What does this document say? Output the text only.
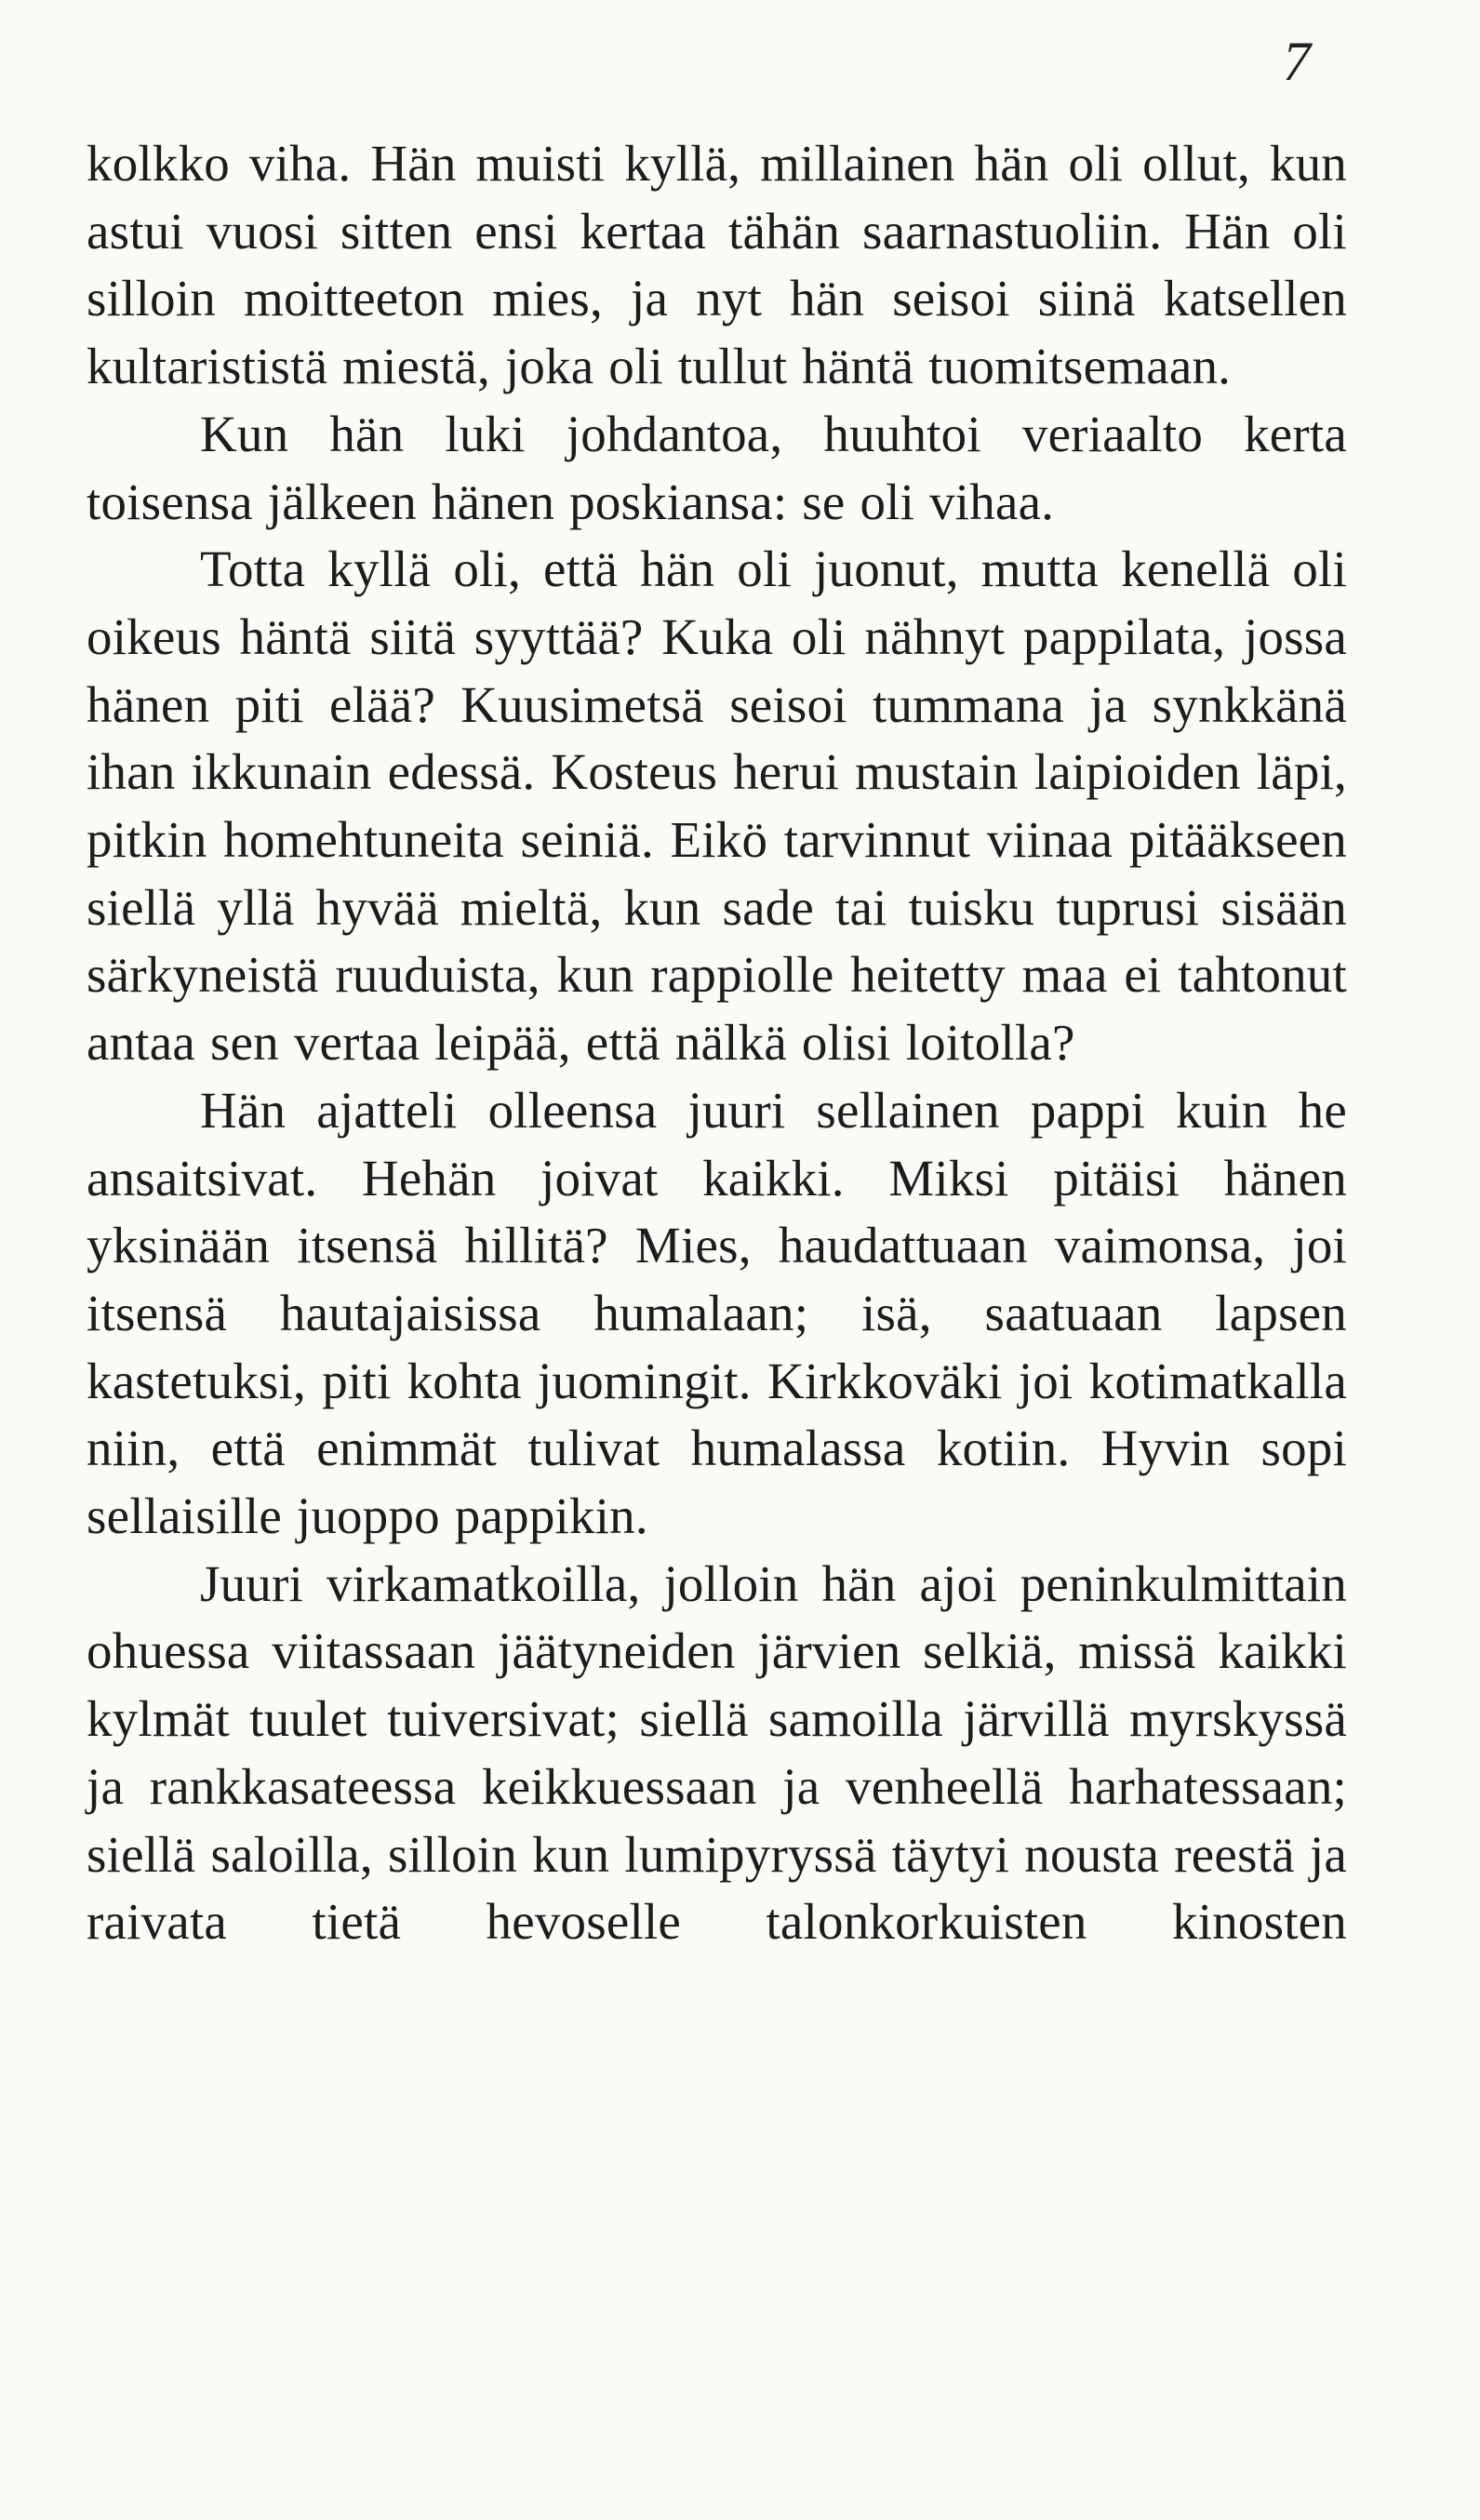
7

kolkko viha. Hän muisti kyllä, millainen hän oli ollut, kun astui vuosi sitten ensi kertaa tähän saarnastuoliin. Hän oli silloin moitteeton mies, ja nyt hän seisoi siinä katsellen kultarististä miestä, joka oli tullut häntä tuomitsemaan.

Kun hän luki johdantoa, huuhtoi veriaalto kerta toisensa jälkeen hänen poskiansa: se oli vihaa.

Totta kyllä oli, että hän oli juonut, mutta kenellä oli oikeus häntä siitä syyttää? Kuka oli nähnyt pappilata, jossa hänen piti elää? Kuusimetsä seisoi tummana ja synkkänä ihan ikkunain edessä. Kosteus herui mustain laipioiden läpi, pitkin homehtuneita seiniä. Eikö tarvinnut viinaa pitääkseen siellä yllä hyvää mieltä, kun sade tai tuisku tuprusi sisään särkyneistä ruuduista, kun rappiolle heitetty maa ei tahtonut antaa sen vertaa leipää, että nälkä olisi loitolla?

Hän ajatteli olleensa juuri sellainen pappi kuin he ansaitsivat. Hehän joivat kaikki. Miksi pitäisi hänen yksinään itsensä hillitä? Mies, haudattuaan vaimonsa, joi itsensä hautajaisissa humalaan; isä, saatuaan lapsen kastetuksi, piti kohta juomingit. Kirkkoväki joi kotimatkalla niin, että enimmät tulivat humalassa kotiin. Hyvin sopi sellaisille juoppo pappikin.

Juuri virkamatkoilla, jolloin hän ajoi peninkulmittain ohuessa viitassaan jäätyneiden järvien selkiä, missä kaikki kylmät tuulet tuiversivat; siellä samoilla järvillä myrskyssä ja rankkasateessa keikkuessaan ja venheellä harhatessaan; siellä saloilla, silloin kun lumipyryssä täytyi nousta reestä ja raivata tietä hevoselle talonkorkuisten kinosten
